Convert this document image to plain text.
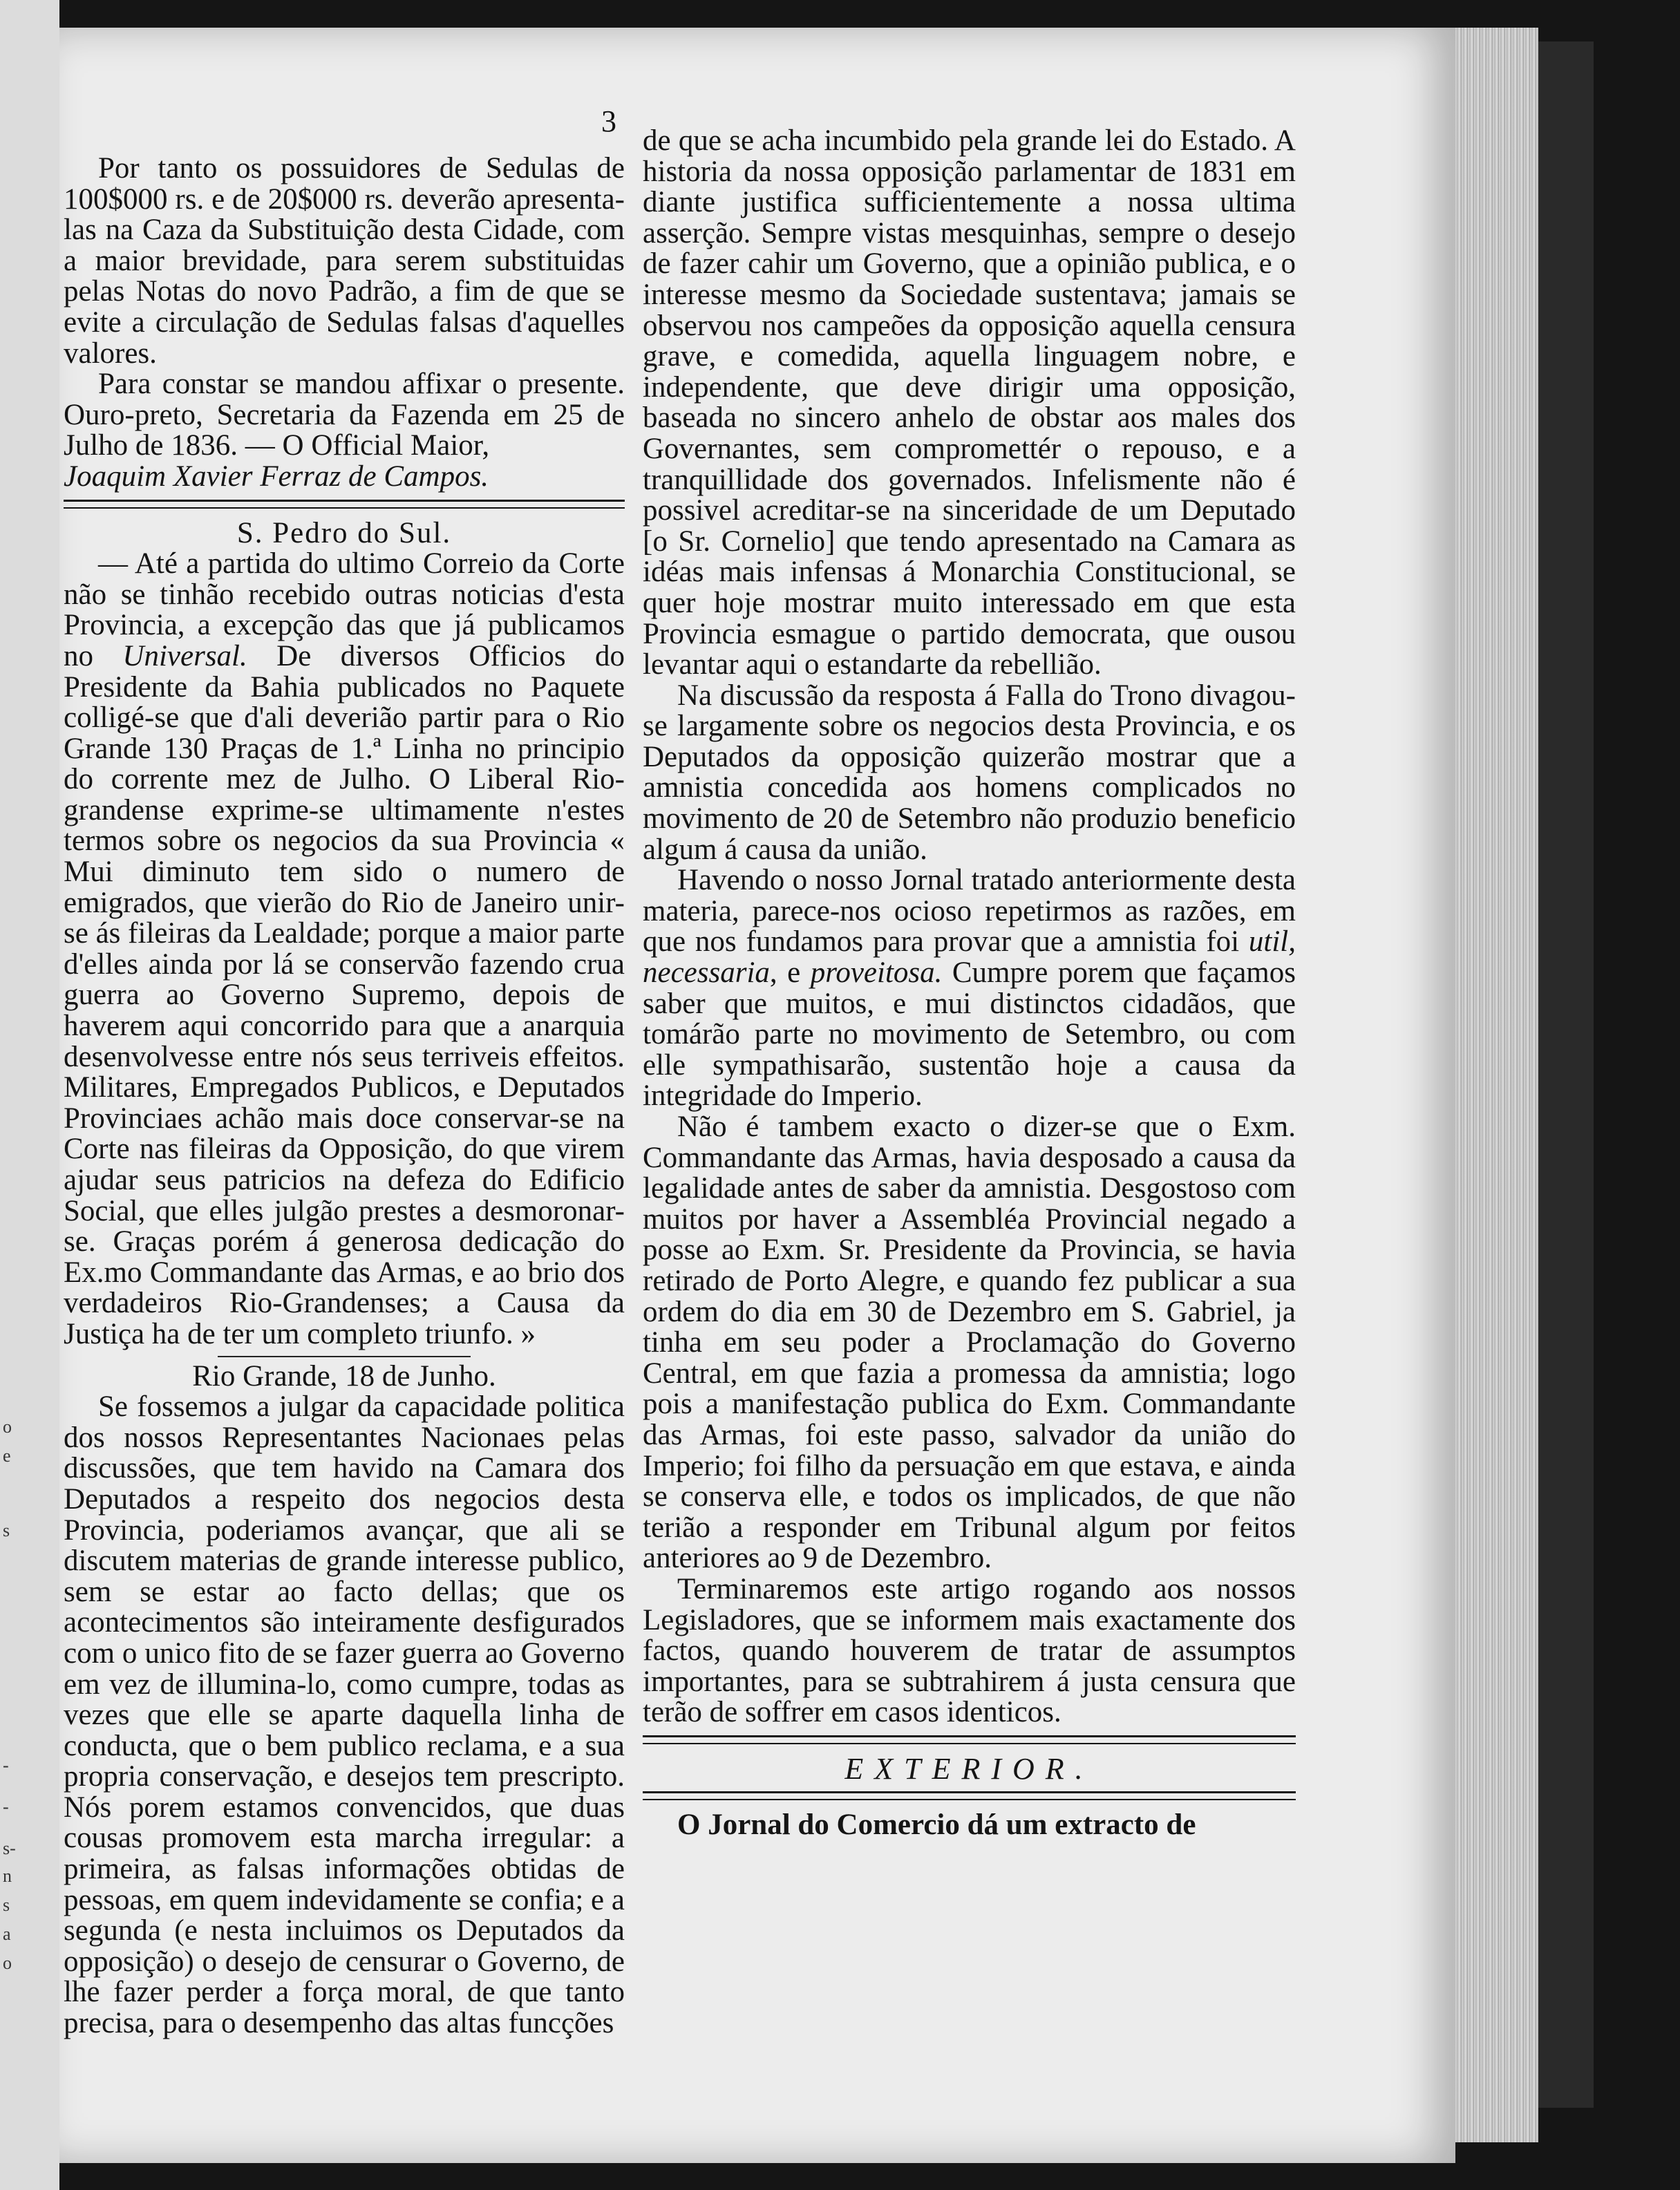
o
e
s
-
-
s-
n
s
a
o
3

Por tanto os possuidores de Sedulas de 100$000 rs. e de 20$000 rs. deverão apresenta-las na Caza da Substituição desta Cidade, com a maior brevidade, para serem substituidas pelas Notas do novo Padrão, a fim de que se evite a circulação de Sedulas falsas d'aquelles valores.

Para constar se mandou affixar o presente. Ouro-preto, Secretaria da Fazenda em 25 de Julho de 1836. — O Official Maior,

Joaquim Xavier Ferraz de Campos.

S. Pedro do Sul.

— Até a partida do ultimo Correio da Corte não se tinhão recebido outras noticias d'esta Provincia, a excepção das que já publicamos no Universal. De diversos Officios do Presidente da Bahia publicados no Paquete colligé-se que d'ali deverião partir para o Rio Grande 130 Praças de 1.ª Linha no principio do corrente mez de Julho. O Liberal Rio-grandense exprime-se ultimamente n'estes termos sobre os negocios da sua Provincia « Mui diminuto tem sido o numero de emigrados, que vierão do Rio de Janeiro unir-se ás fileiras da Lealdade; porque a maior parte d'elles ainda por lá se conservão fazendo crua guerra ao Governo Supremo, depois de haverem aqui concorrido para que a anarquia desenvolvesse entre nós seus terriveis effeitos. Militares, Empregados Publicos, e Deputados Provinciaes achão mais doce conservar-se na Corte nas fileiras da Opposição, do que virem ajudar seus patricios na defeza do Edificio Social, que elles julgão prestes a desmoronar-se. Graças porém á generosa dedicação do Ex.mo Commandante das Armas, e ao brio dos verdadeiros Rio-Grandenses; a Causa da Justiça ha de ter um completo triunfo. »

Rio Grande, 18 de Junho.

Se fossemos a julgar da capacidade politica dos nossos Representantes Nacionaes pelas discussões, que tem havido na Camara dos Deputados a respeito dos negocios desta Provincia, poderiamos avançar, que ali se discutem materias de grande interesse publico, sem se estar ao facto dellas; que os acontecimentos são inteiramente desfigurados com o unico fito de se fazer guerra ao Governo em vez de illumina-lo, como cumpre, todas as vezes que elle se aparte daquella linha de conducta, que o bem publico reclama, e a sua propria conservação, e desejos tem prescripto. Nós porem estamos convencidos, que duas cousas promovem esta marcha irregular: a primeira, as falsas informações obtidas de pessoas, em quem indevidamente se confia; e a segunda (e nesta incluimos os Deputados da opposição) o desejo de censurar o Governo, de lhe fazer perder a força moral, de que tanto precisa, para o desempenho das altas funcções

de que se acha incumbido pela grande lei do Estado. A historia da nossa opposição parlamentar de 1831 em diante justifica sufficientemente a nossa ultima asserção. Sempre vistas mesquinhas, sempre o desejo de fazer cahir um Governo, que a opinião publica, e o interesse mesmo da Sociedade sustentava; jamais se observou nos campeões da opposição aquella censura grave, e comedida, aquella linguagem nobre, e independente, que deve dirigir uma opposição, baseada no sincero anhelo de obstar aos males dos Governantes, sem compromettér o repouso, e a tranquillidade dos governados. Infelismente não é possivel acreditar-se na sinceridade de um Deputado [o Sr. Cornelio] que tendo apresentado na Camara as idéas mais infensas á Monarchia Constitucional, se quer hoje mostrar muito interessado em que esta Provincia esmague o partido democrata, que ousou levantar aqui o estandarte da rebellião.

Na discussão da resposta á Falla do Trono divagou-se largamente sobre os negocios desta Provincia, e os Deputados da opposição quizerão mostrar que a amnistia concedida aos homens complicados no movimento de 20 de Setembro não produzio beneficio algum á causa da união.

Havendo o nosso Jornal tratado anteriormente desta materia, parece-nos ocioso repetirmos as razões, em que nos fundamos para provar que a amnistia foi util, necessaria, e proveitosa. Cumpre porem que façamos saber que muitos, e mui distinctos cidadãos, que tomárão parte no movimento de Setembro, ou com elle sympathisarão, sustentão hoje a causa da integridade do Imperio.

Não é tambem exacto o dizer-se que o Exm. Commandante das Armas, havia desposado a causa da legalidade antes de saber da amnistia. Desgostoso com muitos por haver a Assembléa Provincial negado a posse ao Exm. Sr. Presidente da Provincia, se havia retirado de Porto Alegre, e quando fez publicar a sua ordem do dia em 30 de Dezembro em S. Gabriel, ja tinha em seu poder a Proclamação do Governo Central, em que fazia a promessa da amnistia; logo pois a manifestação publica do Exm. Commandante das Armas, foi este passo, salvador da união do Imperio; foi filho da persuação em que estava, e ainda se conserva elle, e todos os implicados, de que não terião a responder em Tribunal algum por feitos anteriores ao 9 de Dezembro.

Terminaremos este artigo rogando aos nossos Legisladores, que se informem mais exactamente dos factos, quando houverem de tratar de assumptos importantes, para se subtrahirem á justa censura que terão de soffrer em casos identicos.

EXTERIOR.

O Jornal do Comercio dá um extracto de
